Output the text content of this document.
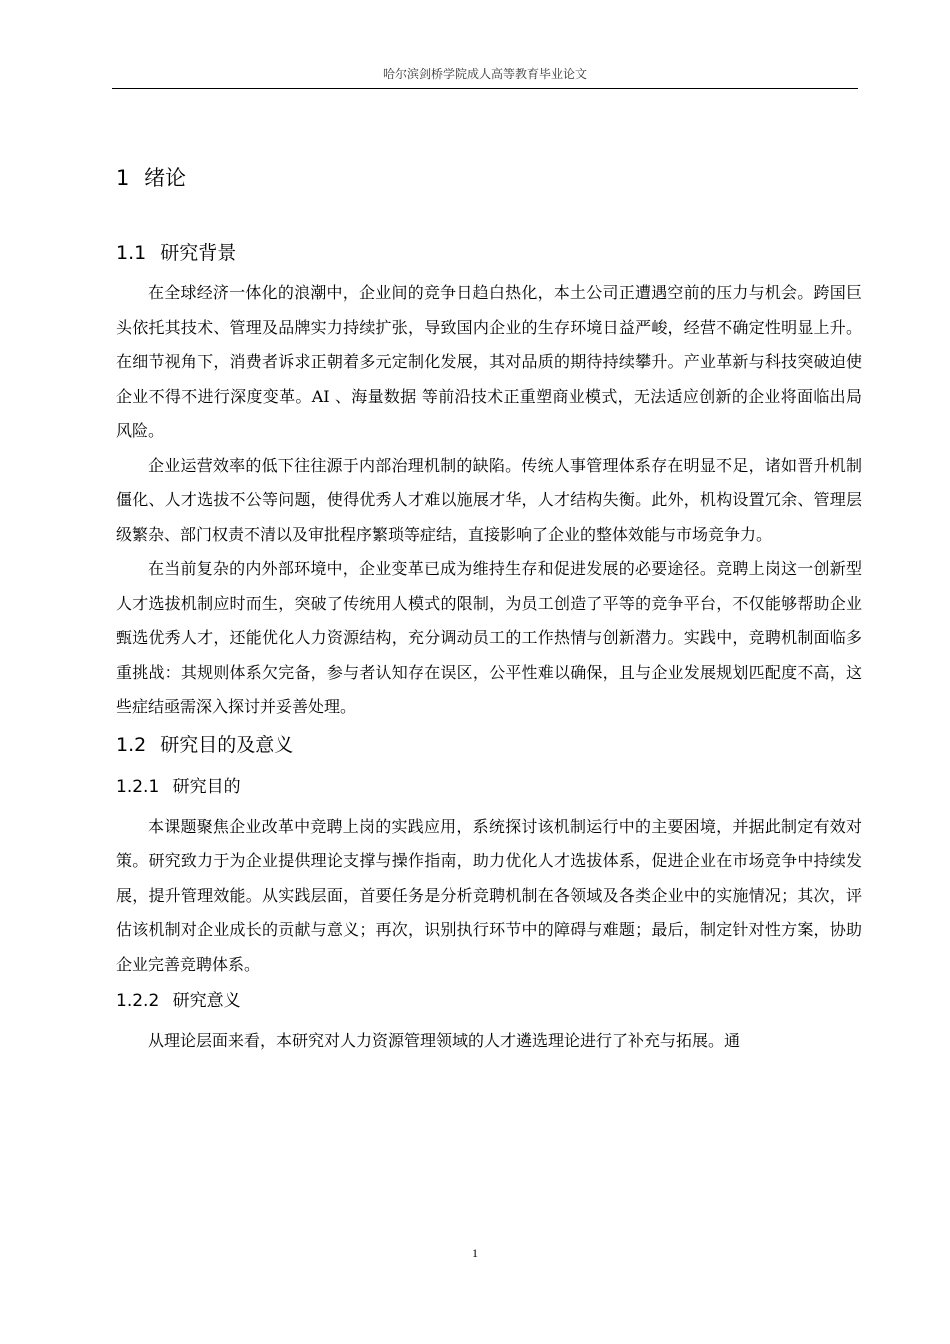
哈尔滨剑桥学院成人高等教育毕业论文
1 绪论
1.1 研究背景

在全球经济一体化的浪潮中，企业间的竞争日趋白热化，本土公司正遭遇空前的压力与机会。跨国巨头依托其技术、管理及品牌实力持续扩张，导致国内企业的生存环境日益严峻，经营不确定性明显上升。在细节视角下，消费者诉求正朝着多元定制化发展，其对品质的期待持续攀升。产业革新与科技突破迫使企业不得不进行深度变革。AI 、海量数据 等前沿技术正重塑商业模式，无法适应创新的企业将面临出局风险。

企业运营效率的低下往往源于内部治理机制的缺陷。传统人事管理体系存在明显不足，诸如晋升机制僵化、人才选拔不公等问题，使得优秀人才难以施展才华，人才结构失衡。此外，机构设置冗余、管理层级繁杂、部门权责不清以及审批程序繁琐等症结，直接影响了企业的整体效能与市场竞争力。

在当前复杂的内外部环境中，企业变革已成为维持生存和促进发展的必要途径。竞聘上岗这一创新型人才选拔机制应时而生，突破了传统用人模式的限制，为员工创造了平等的竞争平台，不仅能够帮助企业甄选优秀人才，还能优化人力资源结构，充分调动员工的工作热情与创新潜力。实践中，竞聘机制面临多重挑战：其规则体系欠完备，参与者认知存在误区，公平性难以确保，且与企业发展规划匹配度不高，这些症结亟需深入探讨并妥善处理。

1.2 研究目的及意义
1.2.1 研究目的

本课题聚焦企业改革中竞聘上岗的实践应用，系统探讨该机制运行中的主要困境，并据此制定有效对策。研究致力于为企业提供理论支撑与操作指南，助力优化人才选拔体系，促进企业在市场竞争中持续发展，提升管理效能。从实践层面，首要任务是分析竞聘机制在各领域及各类企业中的实施情况；其次，评估该机制对企业成长的贡献与意义；再次，识别执行环节中的障碍与难题；最后，制定针对性方案，协助企业完善竞聘体系。

1.2.2 研究意义

从理论层面来看，本研究对人力资源管理领域的人才遴选理论进行了补充与拓展。通

1
